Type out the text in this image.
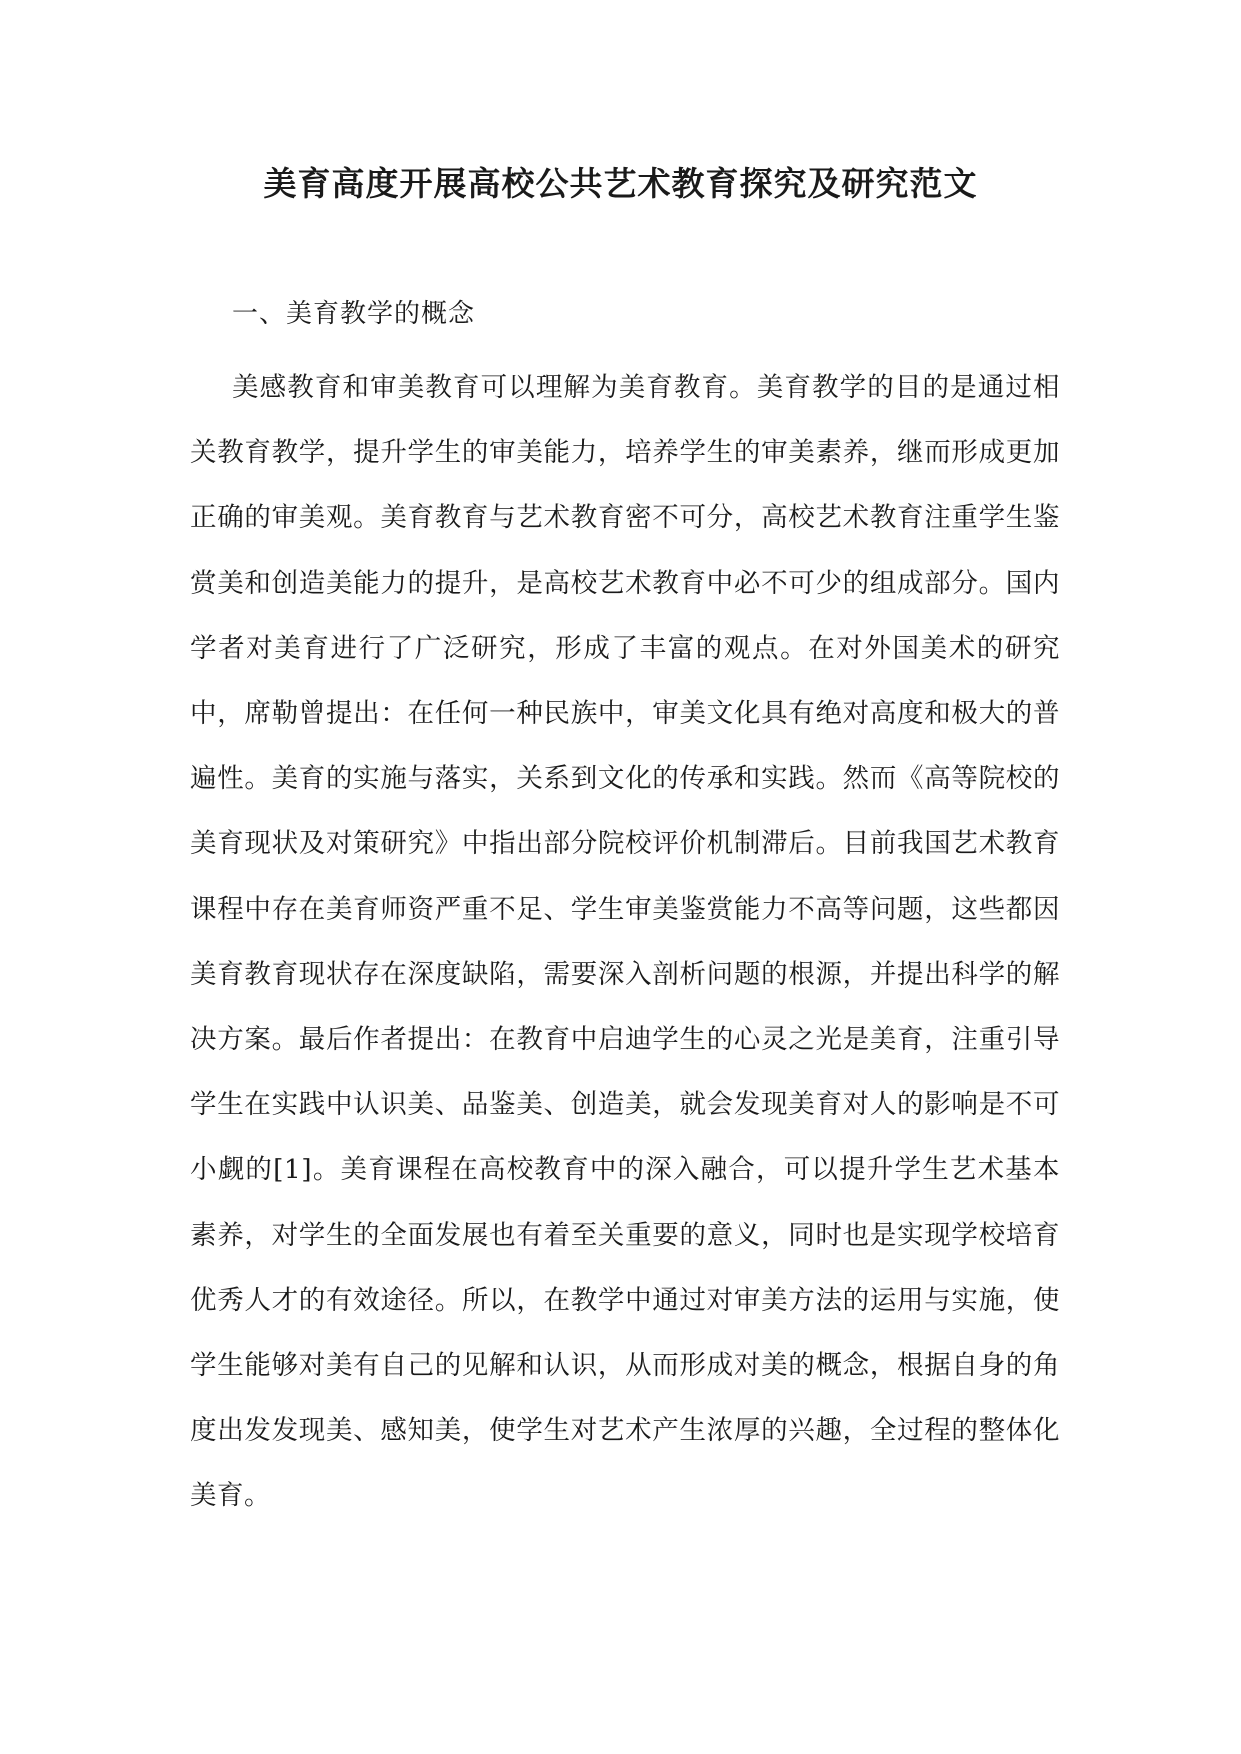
美育高度开展高校公共艺术教育探究及研究范文
一、美育教学的概念

美感教育和审美教育可以理解为美育教育。美育教学的目的是通过相关教育教学，提升学生的审美能力，培养学生的审美素养，继而形成更加正确的审美观。美育教育与艺术教育密不可分，高校艺术教育注重学生鉴赏美和创造美能力的提升，是高校艺术教育中必不可少的组成部分。国内学者对美育进行了广泛研究，形成了丰富的观点。在对外国美术的研究中，席勒曾提出：在任何一种民族中，审美文化具有绝对高度和极大的普遍性。美育的实施与落实，关系到文化的传承和实践。然而《高等院校的美育现状及对策研究》中指出部分院校评价机制滞后。目前我国艺术教育课程中存在美育师资严重不足、学生审美鉴赏能力不高等问题，这些都因美育教育现状存在深度缺陷，需要深入剖析问题的根源，并提出科学的解决方案。最后作者提出：在教育中启迪学生的心灵之光是美育，注重引导学生在实践中认识美、品鉴美、创造美，就会发现美育对人的影响是不可小觑的[1]。美育课程在高校教育中的深入融合，可以提升学生艺术基本素养，对学生的全面发展也有着至关重要的意义，同时也是实现学校培育优秀人才的有效途径。所以，在教学中通过对审美方法的运用与实施，使学生能够对美有自己的见解和认识，从而形成对美的概念，根据自身的角度出发发现美、感知美，使学生对艺术产生浓厚的兴趣，全过程的整体化美育。
